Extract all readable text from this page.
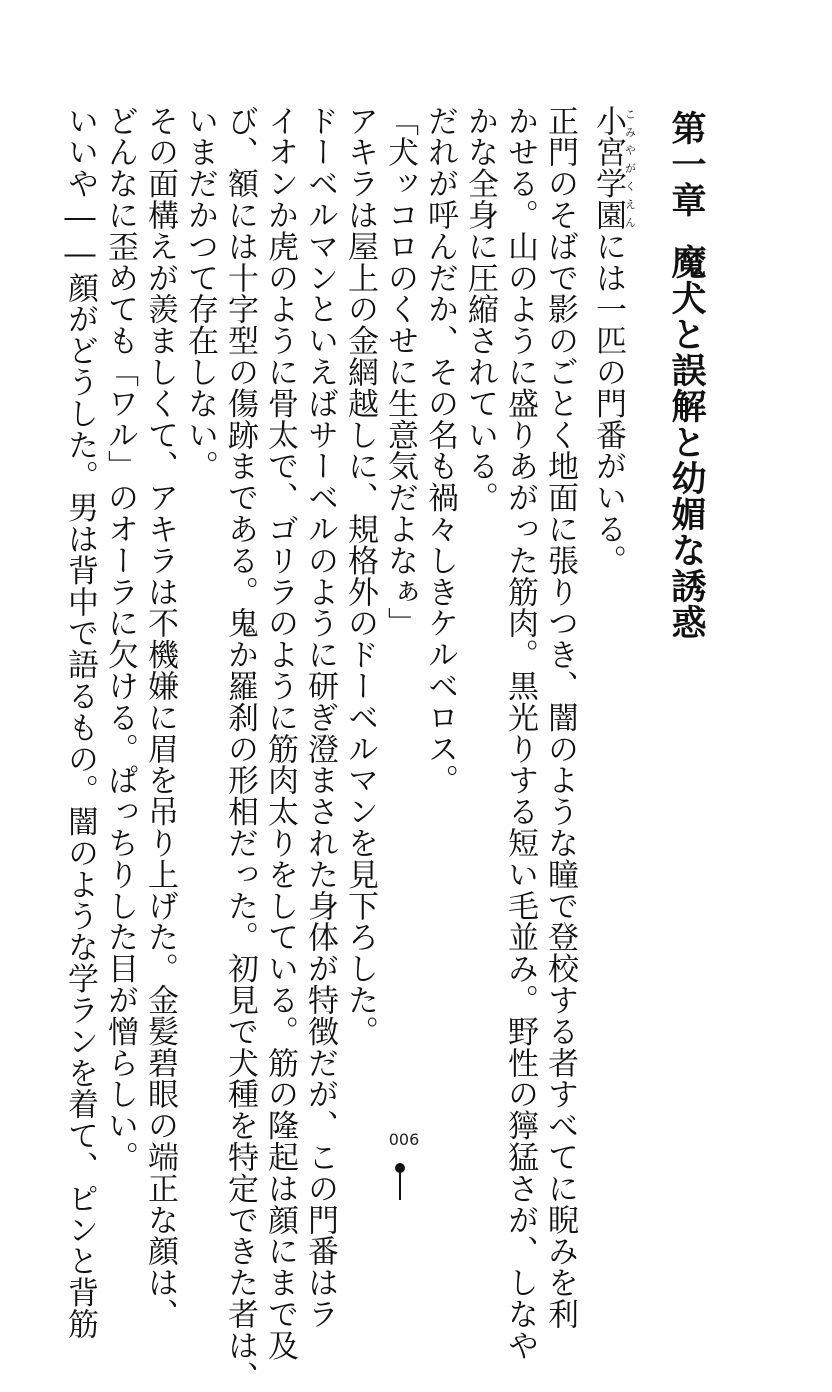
第一章魔犬と誤解と幼媚な誘惑
小宮学園こみやがくえんには一匹の門番がいる。
正門のそばで影のごとく地面に張りつき、闇のような瞳で登校する者すべてに睨みを利
かせる。山のように盛りあがった筋肉。黒光りする短い毛並み。野性の獰猛さが、しなや
かな全身に圧縮されている。
だれが呼んだか、その名も禍々しきケルベロス。
「犬ッコロのくせに生意気だよなぁ」
アキラは屋上の金網越しに、規格外のドーベルマンを見下ろした。
ドーベルマンといえばサーベルのように研ぎ澄まされた身体が特徴だが、この門番はラ
イオンか虎のように骨太で、ゴリラのように筋肉太りをしている。筋の隆起は顔にまで及
び、額には十字型の傷跡まである。鬼か羅刹の形相だった。初見で犬種を特定できた者は、
いまだかつて存在しない。
その面構えが羨ましくて、アキラは不機嫌に眉を吊り上げた。金髪碧眼の端正な顔は、
どんなに歪めても「ワル」のオーラに欠ける。ぱっちりした目が憎らしい。
いいや――顔がどうした。男は背中で語るもの。闇のような学ランを着て、ピンと背筋	006
